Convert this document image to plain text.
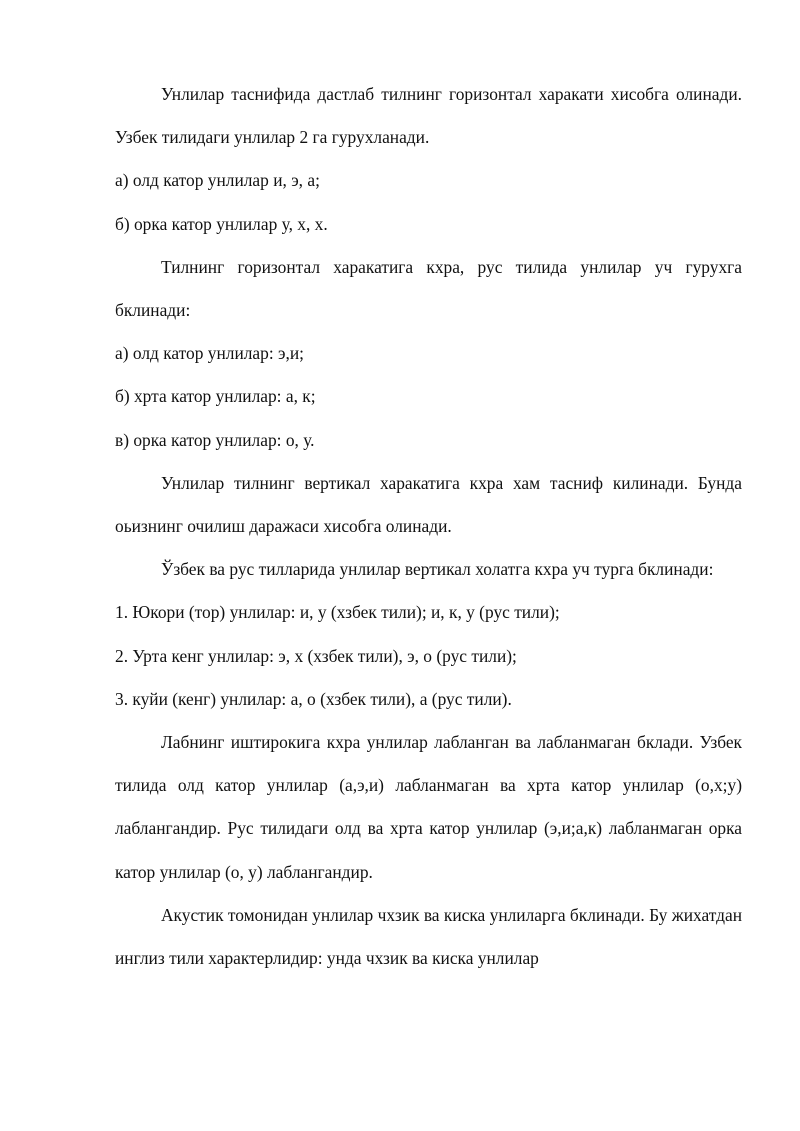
Унлилар таснифида дастлаб тилнинг горизонтал харакати хисобга олинади. Узбек тилидаги унлилар 2 га гурухланади.

а) олд катор унлилар и, э, а;

б) орка катор унлилар у, х, х.

Тилнинг горизонтал харакатига кхра, рус тилида унлилар уч гурухга бклинади:

а) олд катор унлилар: э,и;

б) хрта катор унлилар: а, к;

в) орка катор унлилар: о, у.

Унлилар тилнинг вертикал харакатига кхра хам тасниф килинади. Бунда оьизнинг очилиш даражаси хисобга олинади.

Ўзбек ва рус тилларида унлилар вертикал холатга кхра уч турга бклинади:

1. Юкори (тор) унлилар: и, у (хзбек тили); и, к, у (рус тили);

2. Урта кенг унлилар: э, х (хзбек тили), э, о (рус тили);

3. куйи (кенг) унлилар: а, о (хзбек тили), а (рус тили).

Лабнинг иштирокига кхра унлилар лабланган ва лабланмаган бклади. Узбек тилида олд катор унлилар (а,э,и) лабланмаган ва хрта катор унлилар (о,х;у) лаблангандир. Рус тилидаги олд ва хрта катор унлилар (э,и;а,к) лабланмаган орка катор унлилар (о, у) лаблангандир.

Акустик томонидан унлилар чхзик ва киска унлиларга бклинади. Бу жихатдан инглиз тили характерлидир: унда чхзик ва киска унлилар
